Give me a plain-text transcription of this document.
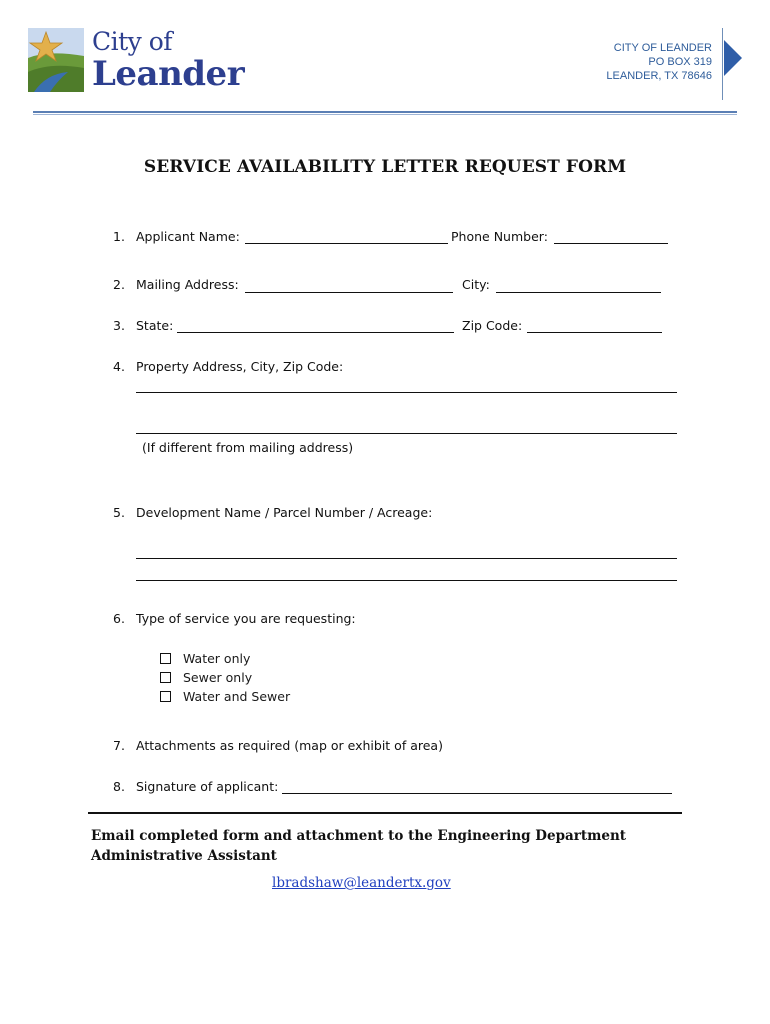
City of
Leander
CITY OF LEANDER
PO BOX 319
LEANDER, TX 78646
SERVICE AVAILABILITY LETTER REQUEST FORM
1. Applicant Name:	Phone Number:
2. Mailing Address:	City:
3. State:	Zip Code:
4. Property Address, City, Zip Code:
(If different from mailing address)
5. Development Name / Parcel Number / Acreage:
6. Type of service you are requesting:
Water only
Sewer only
Water and Sewer
7. Attachments as required (map or exhibit of area)
8. Signature of applicant:
Email completed form and attachment to the Engineering Department Administrative Assistant
lbradshaw@leandertx.gov
